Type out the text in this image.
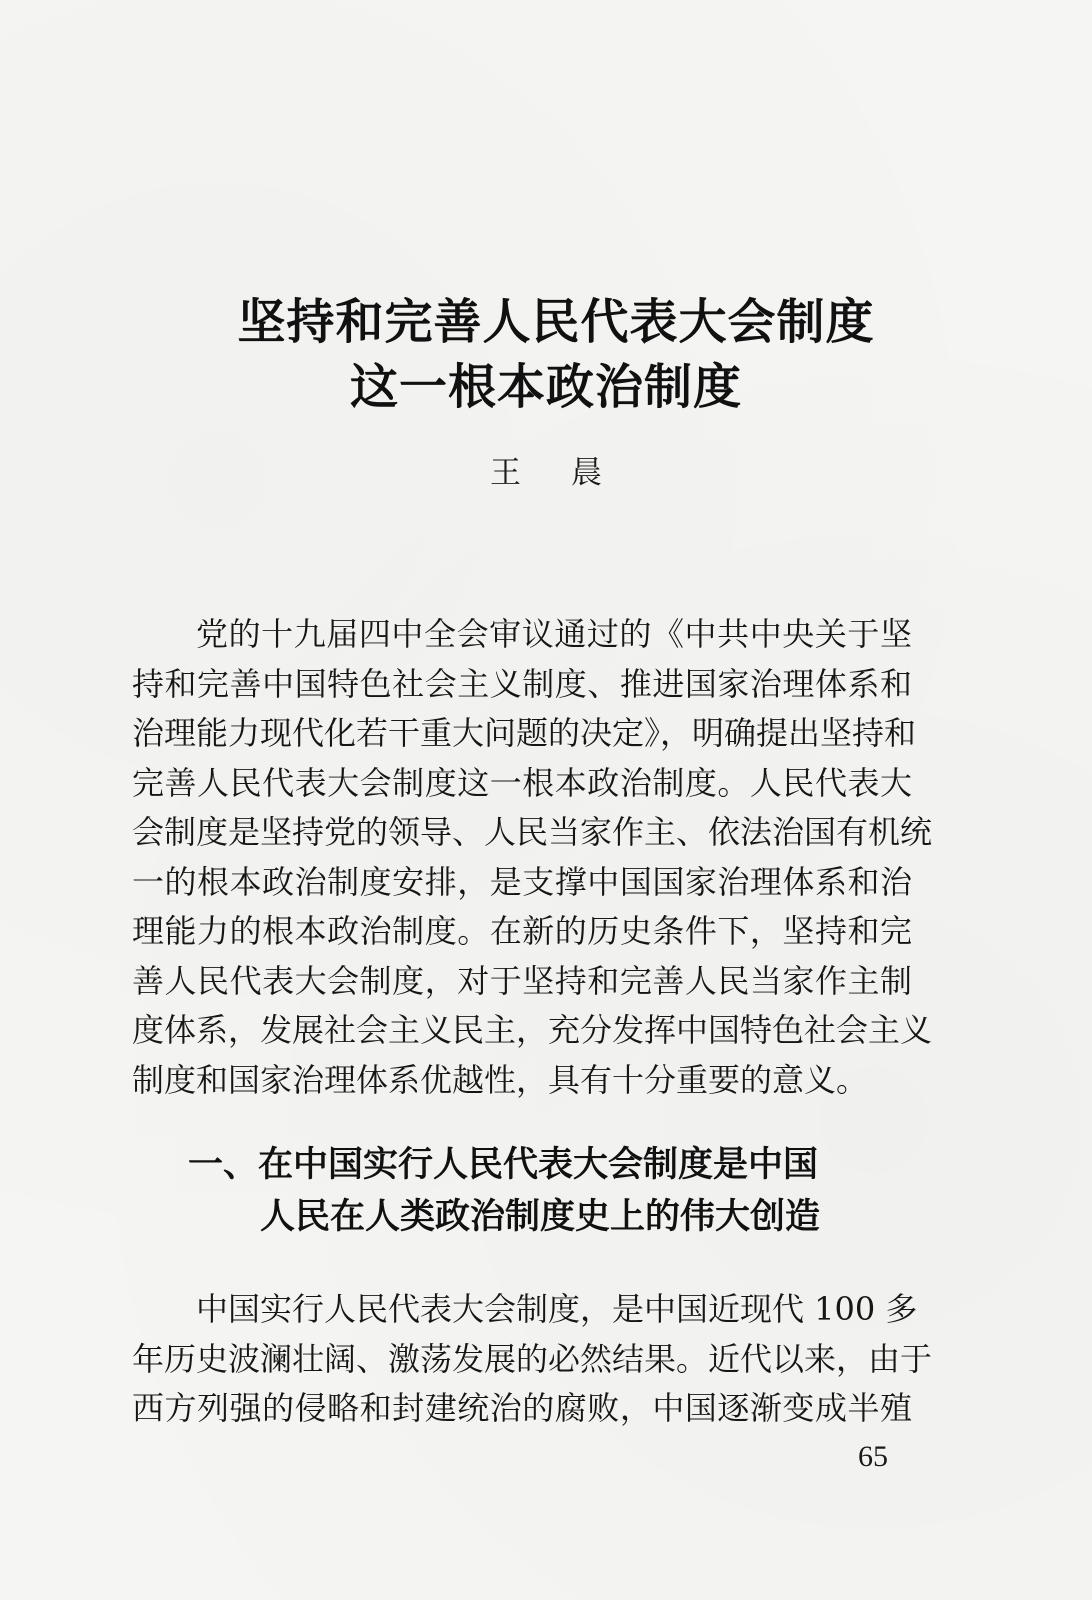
坚持和完善人民代表大会制度
这一根本政治制度
王晨
党的十九届四中全会审议通过的《中共中央关于坚
持和完善中国特色社会主义制度、推进国家治理体系和
治理能力现代化若干重大问题的决定》，明确提出坚持和
完善人民代表大会制度这一根本政治制度。人民代表大
会制度是坚持党的领导、人民当家作主、依法治国有机统
一的根本政治制度安排，是支撑中国国家治理体系和治
理能力的根本政治制度。在新的历史条件下，坚持和完
善人民代表大会制度，对于坚持和完善人民当家作主制
度体系，发展社会主义民主，充分发挥中国特色社会主义
制度和国家治理体系优越性，具有十分重要的意义。
一、在中国实行人民代表大会制度是中国
人民在人类政治制度史上的伟大创造
中国实行人民代表大会制度，是中国近现代 100 多
年历史波澜壮阔、激荡发展的必然结果。近代以来，由于
西方列强的侵略和封建统治的腐败，中国逐渐变成半殖
65
